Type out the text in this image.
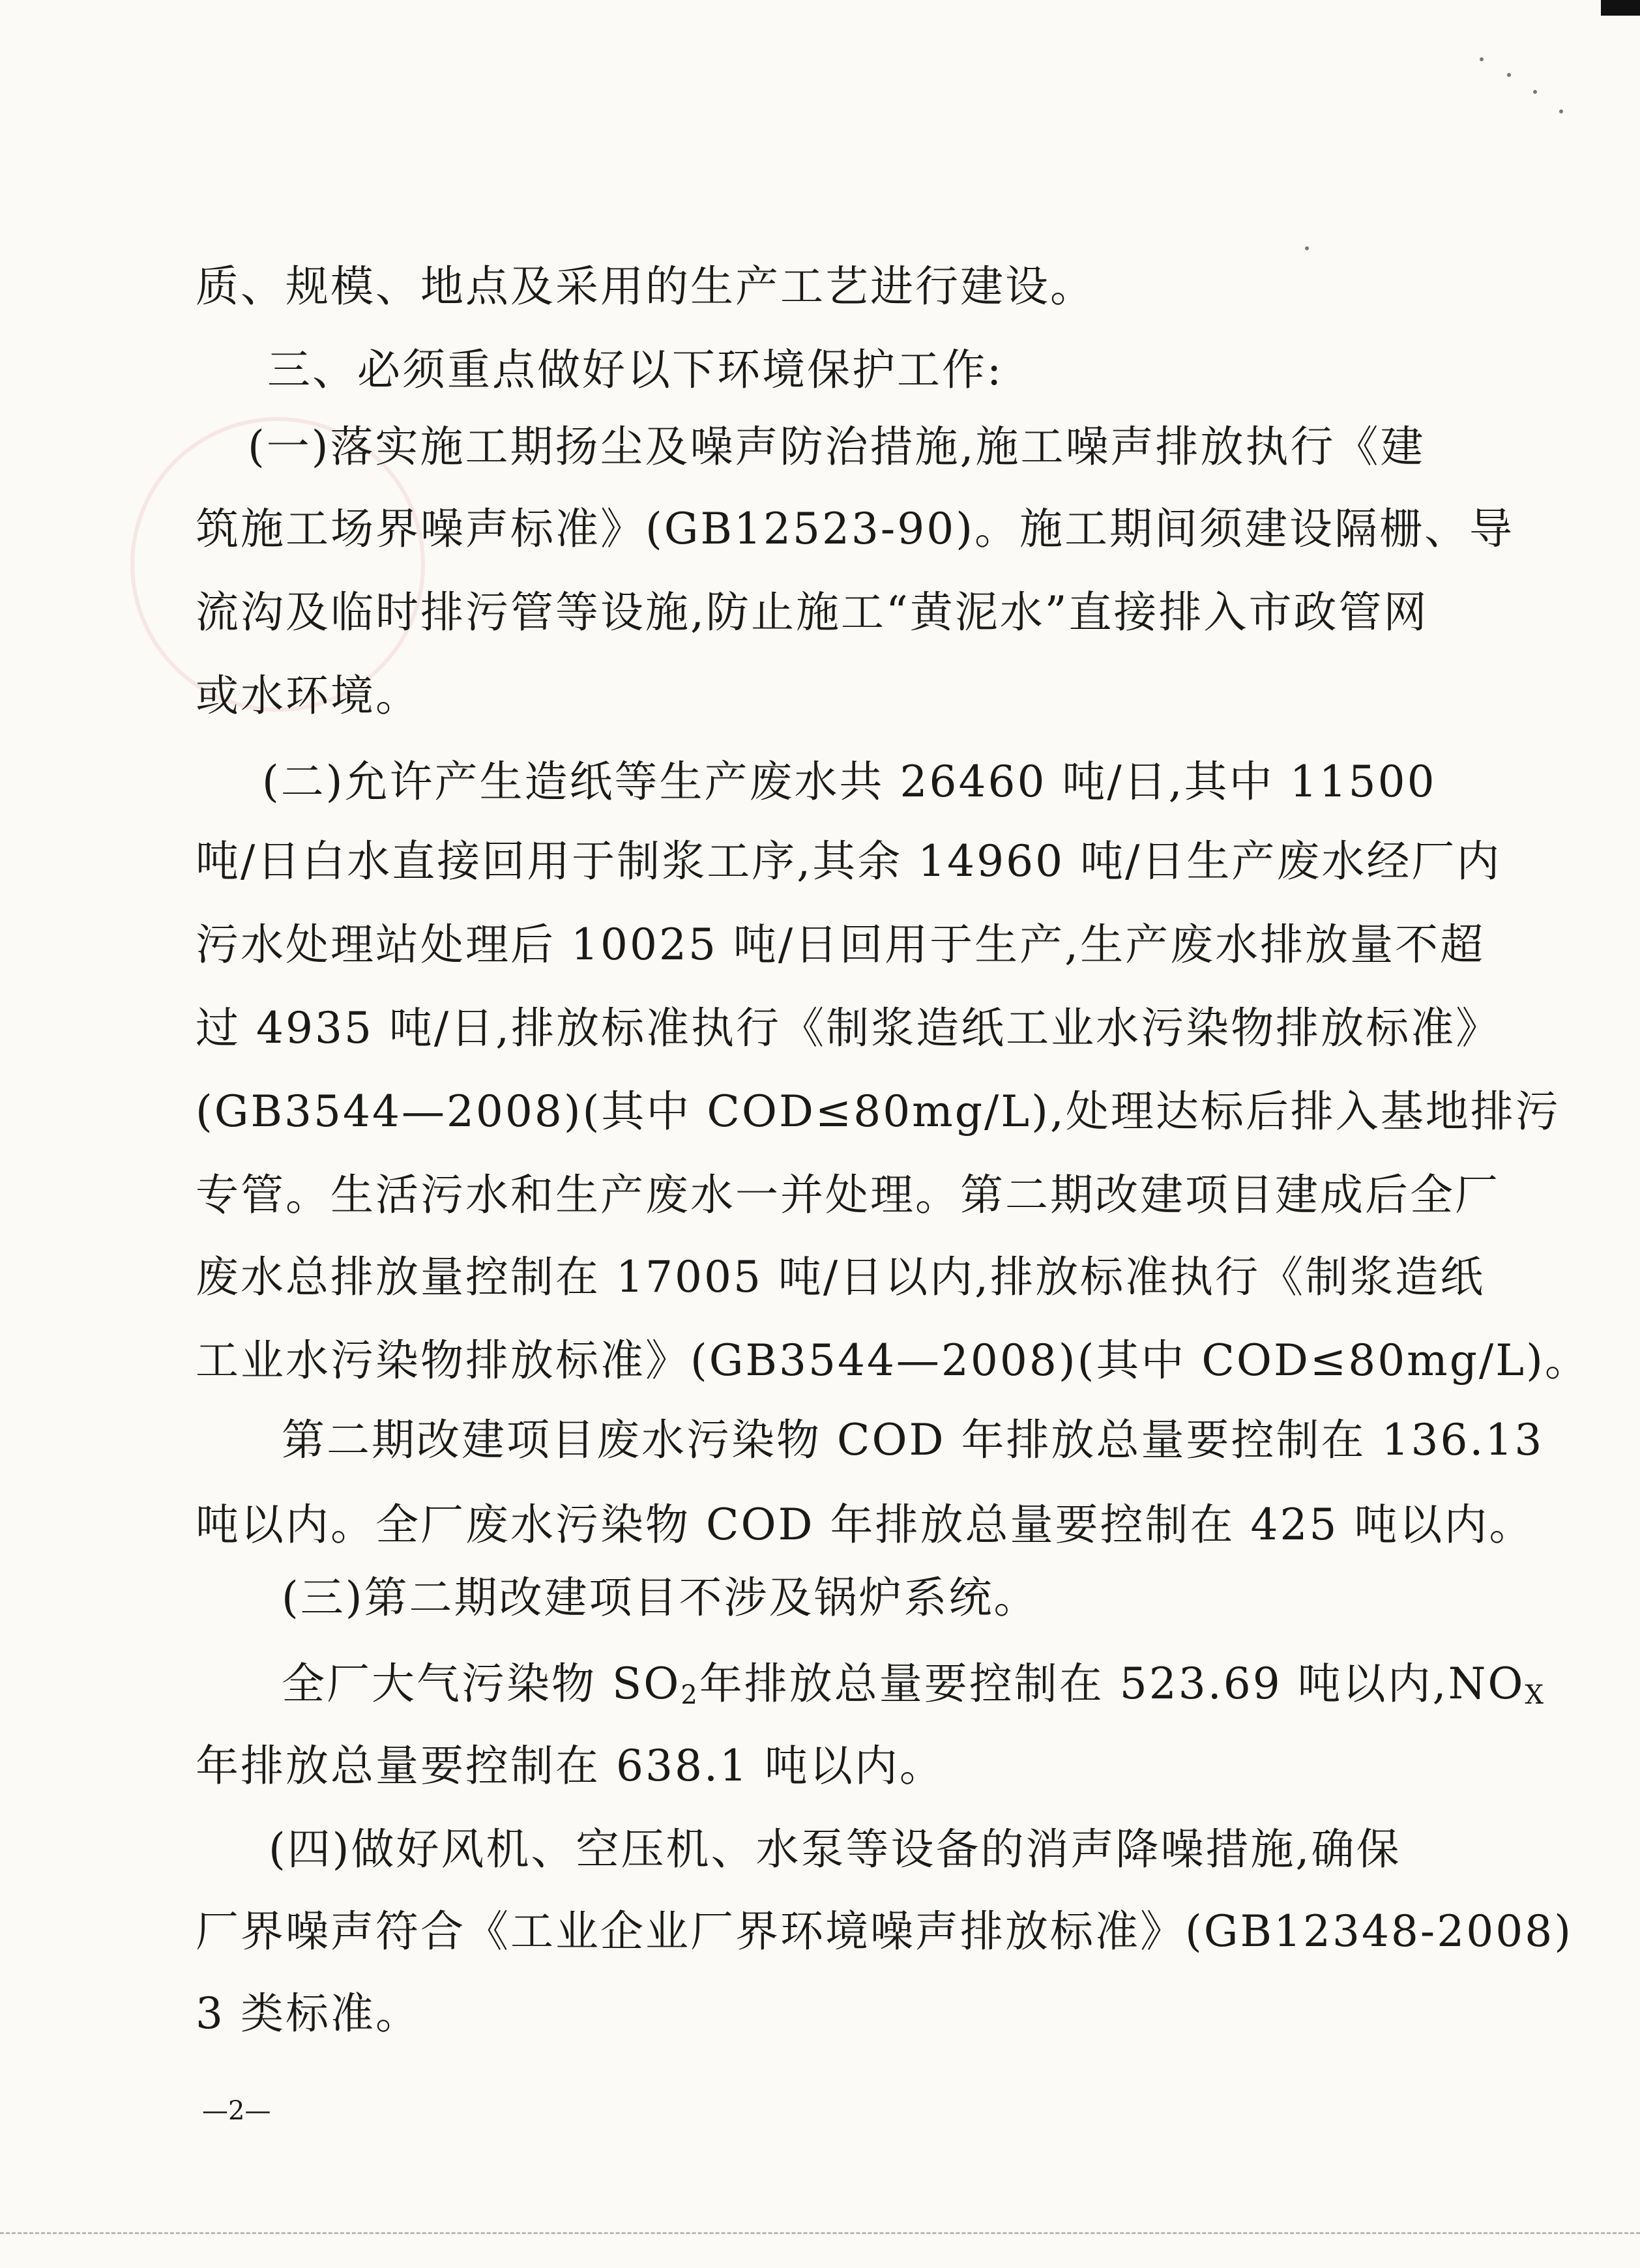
质、规模、地点及采用的生产工艺进行建设。
三、必须重点做好以下环境保护工作:
(一)落实施工期扬尘及噪声防治措施,施工噪声排放执行《建
筑施工场界噪声标准》(GB12523-90)。施工期间须建设隔栅、导
流沟及临时排污管等设施,防止施工“黄泥水”直接排入市政管网
或水环境。
(二)允许产生造纸等生产废水共 26460 吨/日,其中 11500
吨/日白水直接回用于制浆工序,其余 14960 吨/日生产废水经厂内
污水处理站处理后 10025 吨/日回用于生产,生产废水排放量不超
过 4935 吨/日,排放标准执行《制浆造纸工业水污染物排放标准》
(GB3544—2008)(其中 COD≤80mg/L),处理达标后排入基地排污
专管。生活污水和生产废水一并处理。第二期改建项目建成后全厂
废水总排放量控制在 17005 吨/日以内,排放标准执行《制浆造纸
工业水污染物排放标准》(GB3544—2008)(其中 COD≤80mg/L)。
第二期改建项目废水污染物 COD 年排放总量要控制在 136.13
吨以内。全厂废水污染物 COD 年排放总量要控制在 425 吨以内。
(三)第二期改建项目不涉及锅炉系统。
全厂大气污染物 $SO_2$年排放总量要控制在 523.69 吨以内$,NO_X$
年排放总量要控制在 638.1 吨以内。
(四)做好风机、空压机、水泵等设备的消声降噪措施,确保
厂界噪声符合《工业企业厂界环境噪声排放标准》(GB12348-2008)
3 类标准。
—2—
